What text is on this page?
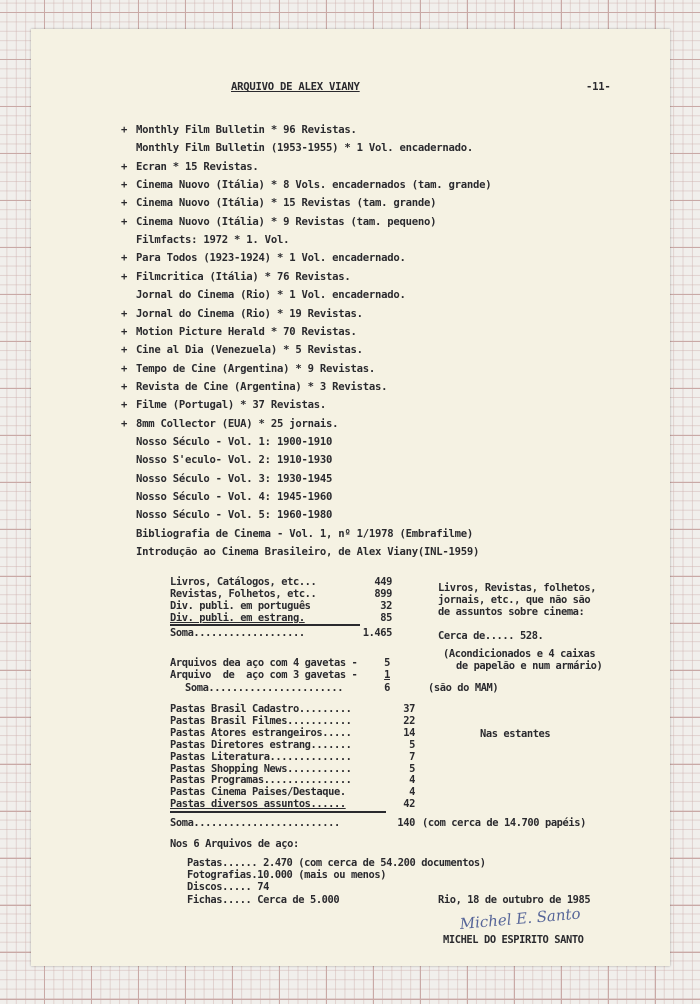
ARQUIVO DE ALEX VIANY	-11-
+ Monthly Film Bulletin * 96 Revistas.
Monthly Film Bulletin (1953-1955) * 1 Vol. encadernado.
+ Ecran * 15 Revistas.
+ Cinema Nuovo (Itália) * 8 Vols. encadernados (tam. grande)
+ Cinema Nuovo (Itália) * 15 Revistas (tam. grande)
+ Cinema Nuovo (Itália) * 9 Revistas (tam. pequeno)
Filmfacts: 1972 * 1. Vol.
+ Para Todos (1923-1924) * 1 Vol. encadernado.
+ Filmcritica (Itália) * 76 Revistas.
Jornal do Cinema (Rio) * 1 Vol. encadernado.
+ Jornal do Cinema (Rio) * 19 Revistas.
+ Motion Picture Herald * 70 Revistas.
+ Cine al Dia (Venezuela) * 5 Revistas.
+ Tempo de Cine (Argentina) * 9 Revistas.
+ Revista de Cine (Argentina) * 3 Revistas.
+ Filme (Portugal) * 37 Revistas.
+ 8mm Collector (EUA) * 25 jornais.
Nosso Século - Vol. 1: 1900-1910
Nosso S'eculo- Vol. 2: 1910-1930
Nosso Século - Vol. 3: 1930-1945
Nosso Século - Vol. 4: 1945-1960
Nosso Século - Vol. 5: 1960-1980
Bibliografia de Cinema - Vol. 1, nº 1/1978 (Embrafilme)
Introdução ao Cinema Brasileiro, de Alex Viany(INL-1959)
Livros, Catálogos, etc...	449
Revistas, Folhetos, etc..	899
Div. publi. em português	32
Div. publi. em estrang.	85
Soma...................	1.465
Livros, Revistas, folhetos,
jornais, etc., que não são
de assuntos sobre cinema:
Cerca de..... 528.
(Acondicionados e 4 caixas
de papelão e num armário)
Arquivos dea aço com 4 gavetas -	5
Arquivo  de  aço com 3 gavetas -	1
Soma.......................	6	(são do MAM)
Pastas Brasil Cadastro.........	37
Pastas Brasil Filmes...........	22
Pastas Atores estrangeiros.....	14
Pastas Diretores estrang.......	5
Pastas Literatura..............	7
Pastas Shopping News...........	5
Pastas Programas...............	4
Pastas Cinema Paises/Destaque.	4
Pastas diversos assuntos......	42
Nas estantes
Soma.........................	140 (com cerca de 14.700 papéis)
Nos 6 Arquivos de aço:
Pastas...... 2.470 (com cerca de 54.200 documentos)
Fotografias.10.000 (mais ou menos)
Discos..... 74
Fichas..... Cerca de 5.000	Rio, 18 de outubro de 1985
Michel E. Santo
MICHEL DO ESPIRITO SANTO
